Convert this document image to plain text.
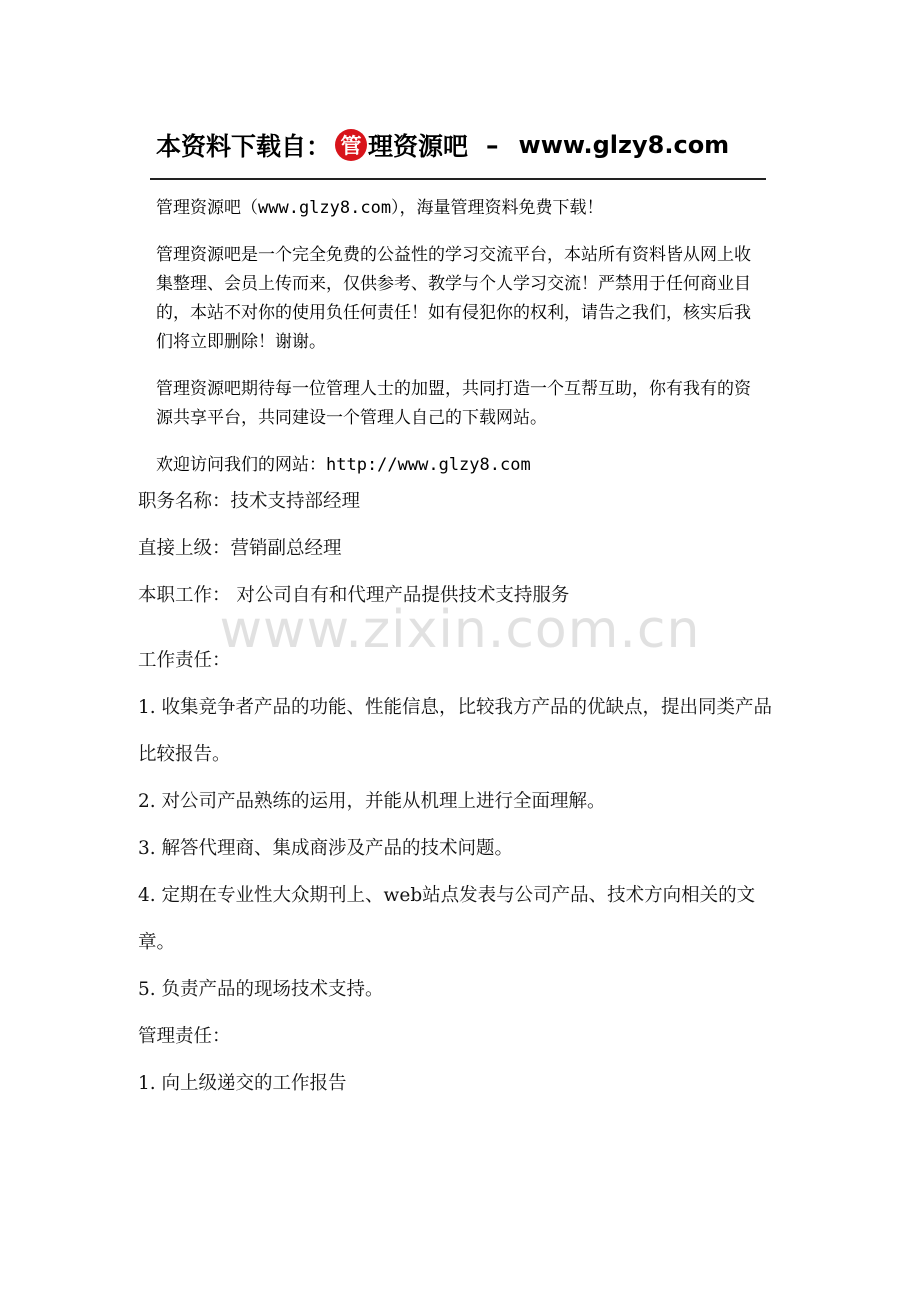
本资料下载自： 管 理资源吧 – www.glzy8.com

管理资源吧（www.glzy8.com），海量管理资料免费下载！

管理资源吧是一个完全免费的公益性的学习交流平台，本站所有资料皆从网上收集整理、会员上传而来，仅供参考、教学与个人学习交流！严禁用于任何商业目的，本站不对你的使用负任何责任！如有侵犯你的权利，请告之我们，核实后我们将立即删除！谢谢。

管理资源吧期待每一位管理人士的加盟，共同打造一个互帮互助，你有我有的资源共享平台，共同建设一个管理人自己的下载网站。

欢迎访问我们的网站：http://www.glzy8.com

www.zixin.com.cn

职务名称：技术支持部经理

直接上级：营销副总经理

本职工作： 对公司自有和代理产品提供技术支持服务

工作责任：

1. 收集竞争者产品的功能、性能信息，比较我方产品的优缺点，提出同类产品比较报告。

2. 对公司产品熟练的运用，并能从机理上进行全面理解。

3. 解答代理商、集成商涉及产品的技术问题。

4. 定期在专业性大众期刊上、web站点发表与公司产品、技术方向相关的文章。

5. 负责产品的现场技术支持。

管理责任：

1. 向上级递交的工作报告
